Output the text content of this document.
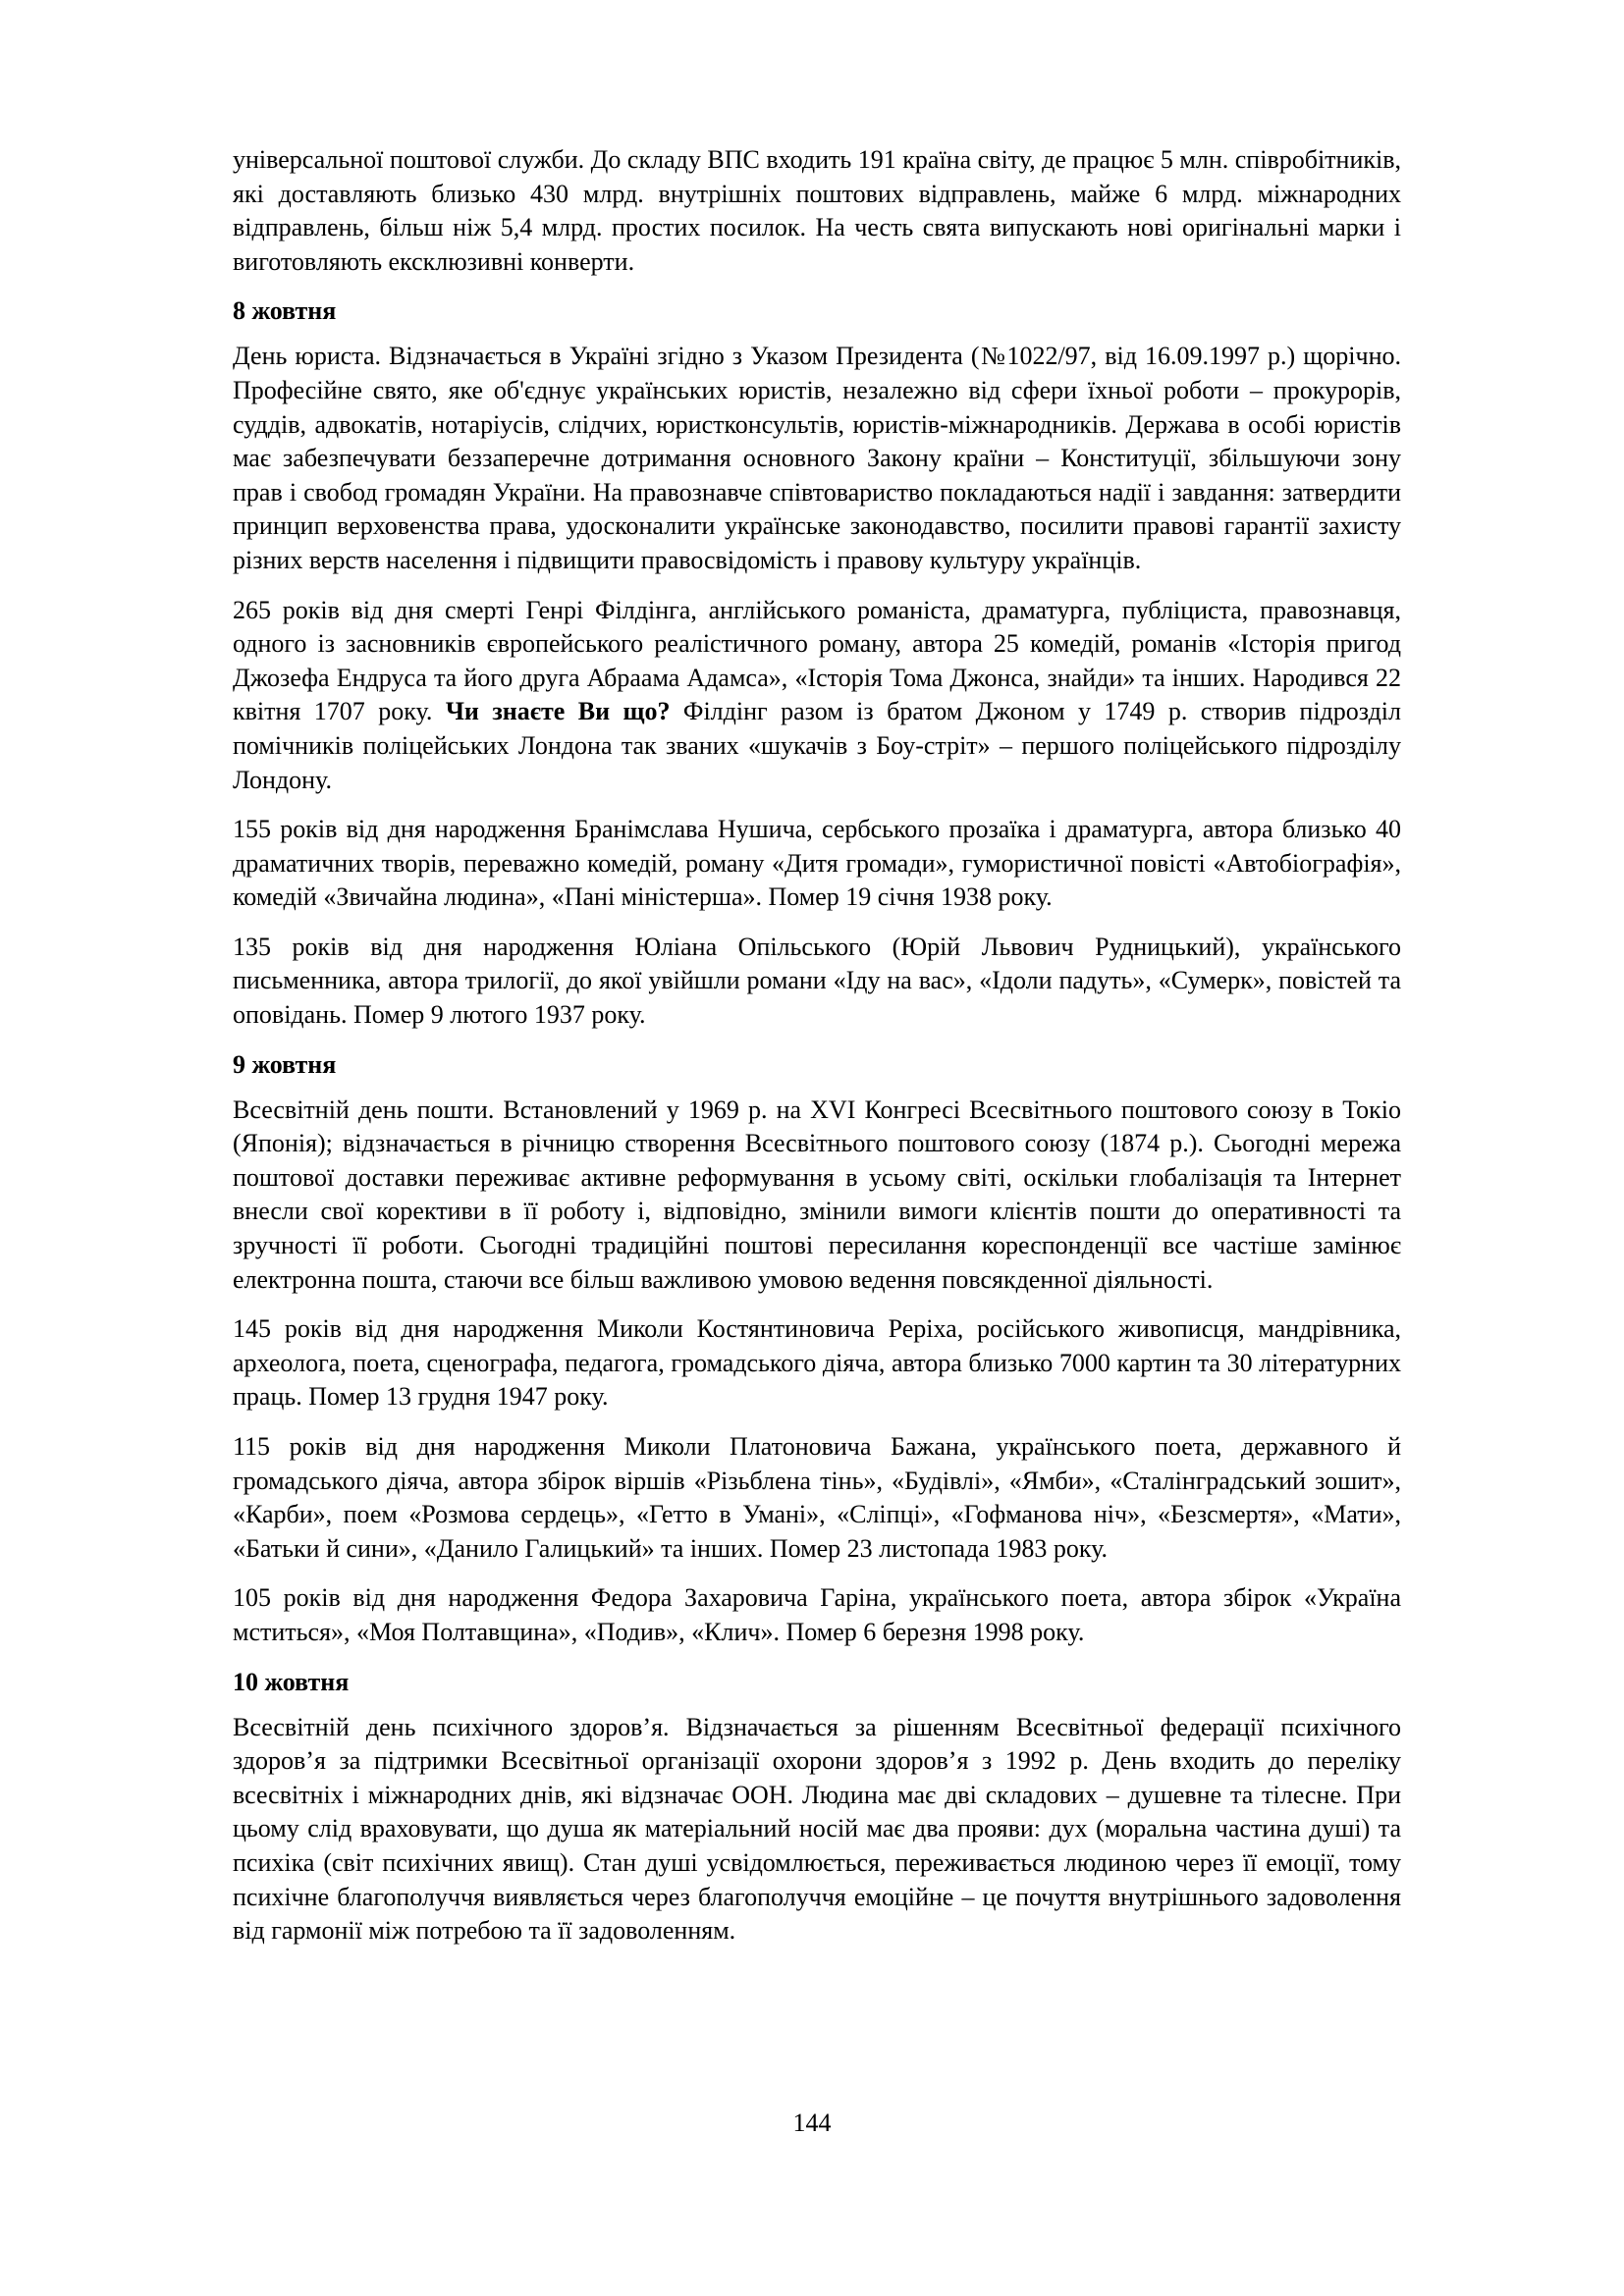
універсальної поштової служби. До складу ВПС входить 191 країна світу, де працює 5 млн. співробітників, які доставляють близько 430 млрд. внутрішніх поштових відправлень, майже 6 млрд. міжнародних відправлень, більш ніж 5,4 млрд. простих посилок. На честь свята випускають нові оригінальні марки і виготовляють ексклюзивні конверти.

8 жовтня

День юриста. Відзначається в Україні згідно з Указом Президента (№1022/97, від 16.09.1997 р.) щорічно. Професійне свято, яке об'єднує українських юристів, незалежно від сфери їхньої роботи – прокурорів, суддів, адвокатів, нотаріусів, слідчих, юристконсультів, юристів-міжнародників. Держава в особі юристів має забезпечувати беззаперечне дотримання основного Закону країни – Конституції, збільшуючи зону прав і свобод громадян України. На правознавче співтовариство покладаються надії і завдання: затвердити принцип верховенства права, удосконалити українське законодавство, посилити правові гарантії захисту різних верств населення і підвищити правосвідомість і правову культуру українців.

265 років від дня смерті Генрі Філдінга, англійського романіста, драматурга, публіциста, правознавця, одного із засновників європейського реалістичного роману, автора 25 комедій, романів «Історія пригод Джозефа Ендруса та його друга Абраама Адамса», «Історія Тома Джонса, знайди» та інших. Народився 22 квітня 1707 року. Чи знаєте Ви що? Філдінг разом із братом Джоном у 1749 р. створив підрозділ помічників поліцейських Лондона так званих «шукачів з Боу-стріт» – першого поліцейського підрозділу Лондону.

155 років від дня народження Бранімслава Нушича, сербського прозаїка і драматурга, автора близько 40 драматичних творів, переважно комедій, роману «Дитя громади», гумористичної повісті «Автобіографія», комедій «Звичайна людина», «Пані міністерша». Помер 19 січня 1938 року.

135 років від дня народження Юліана Опільського (Юрій Львович Рудницький), українського письменника, автора трилогії, до якої увійшли романи «Іду на вас», «Ідоли падуть», «Сумерк», повістей та оповідань. Помер 9 лютого 1937 року.

9 жовтня

Всесвітній день пошти. Встановлений у 1969 р. на XVI Конгресі Всесвітнього поштового союзу в Токіо (Японія); відзначається в річницю створення Всесвітнього поштового союзу (1874 р.). Сьогодні мережа поштової доставки переживає активне реформування в усьому світі, оскільки глобалізація та Інтернет внесли свої корективи в її роботу і, відповідно, змінили вимоги клієнтів пошти до оперативності та зручності її роботи. Сьогодні традиційні поштові пересилання кореспонденції все частіше замінює електронна пошта, стаючи все більш важливою умовою ведення повсякденної діяльності.

145 років від дня народження Миколи Костянтиновича Реріха, російського живописця, мандрівника, археолога, поета, сценографа, педагога, громадського діяча, автора близько 7000 картин та 30 літературних праць. Помер 13 грудня 1947 року.

115 років від дня народження Миколи Платоновича Бажана, українського поета, державного й громадського діяча, автора збірок віршів «Різьблена тінь», «Будівлі», «Ямби», «Сталінградський зошит», «Карби», поем «Розмова сердець», «Гетто в Умані», «Сліпці», «Гофманова ніч», «Безсмертя», «Мати», «Батьки й сини», «Данило Галицький» та інших. Помер 23 листопада 1983 року.

105 років від дня народження Федора Захаровича Гаріна, українського поета, автора збірок «Україна мститься», «Моя Полтавщина», «Подив», «Клич». Помер 6 березня 1998 року.

10 жовтня

Всесвітній день психічного здоров’я. Відзначається за рішенням Всесвітньої федерації психічного здоров’я за підтримки Всесвітньої організації охорони здоров’я з 1992 р. День входить до переліку всесвітніх і міжнародних днів, які відзначає ООН. Людина має дві складових – душевне та тілесне. При цьому слід враховувати, що душа як матеріальний носій має два прояви: дух (моральна частина душі) та психіка (світ психічних явищ). Стан душі усвідомлюється, переживається людиною через її емоції, тому психічне благополуччя виявляється через благополуччя емоційне – це почуття внутрішнього задоволення від гармонії між потребою та її задоволенням.

144
